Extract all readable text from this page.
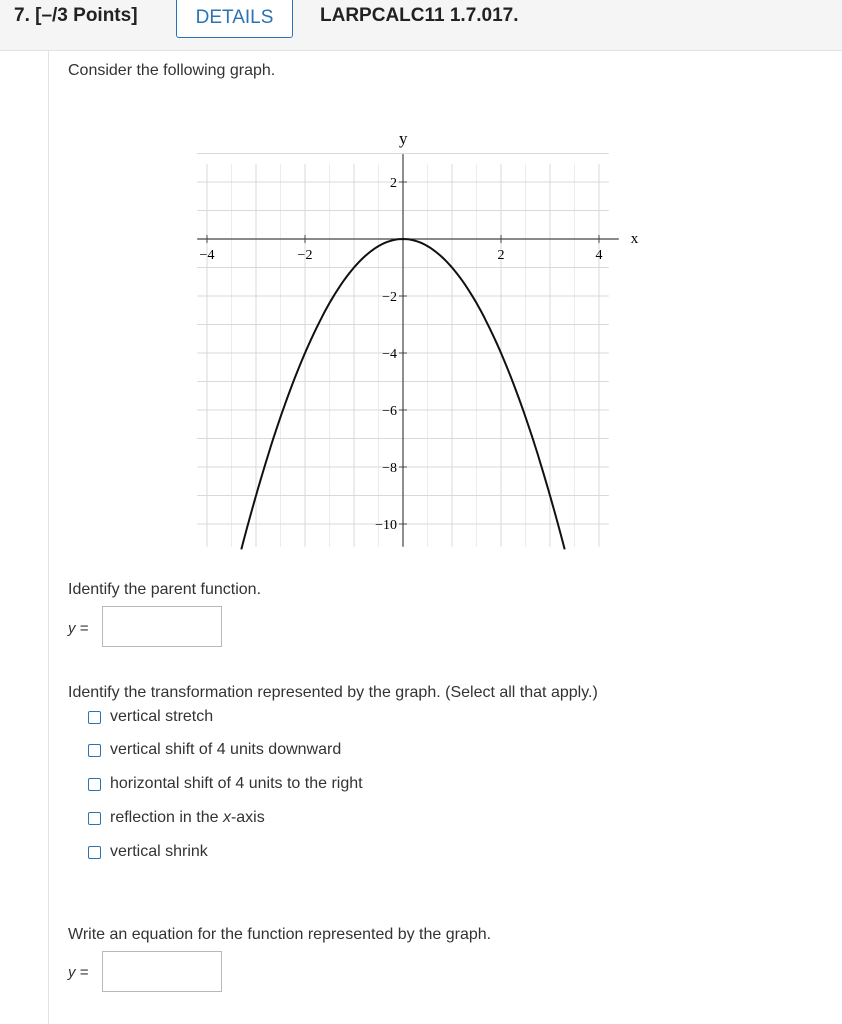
7. [–/3 Points]	DETAILS	LARPCALC11 1.7.017.
Consider the following graph.
x
y
−4	−2	2	4
2
−2
−4
−6
−8
−10
Identify the parent function.
y =
Identify the transformation represented by the graph. (Select all that apply.)
vertical stretch
vertical shift of 4 units downward
horizontal shift of 4 units to the right
reflection in the x-axis
vertical shrink
Write an equation for the function represented by the graph.
y =
